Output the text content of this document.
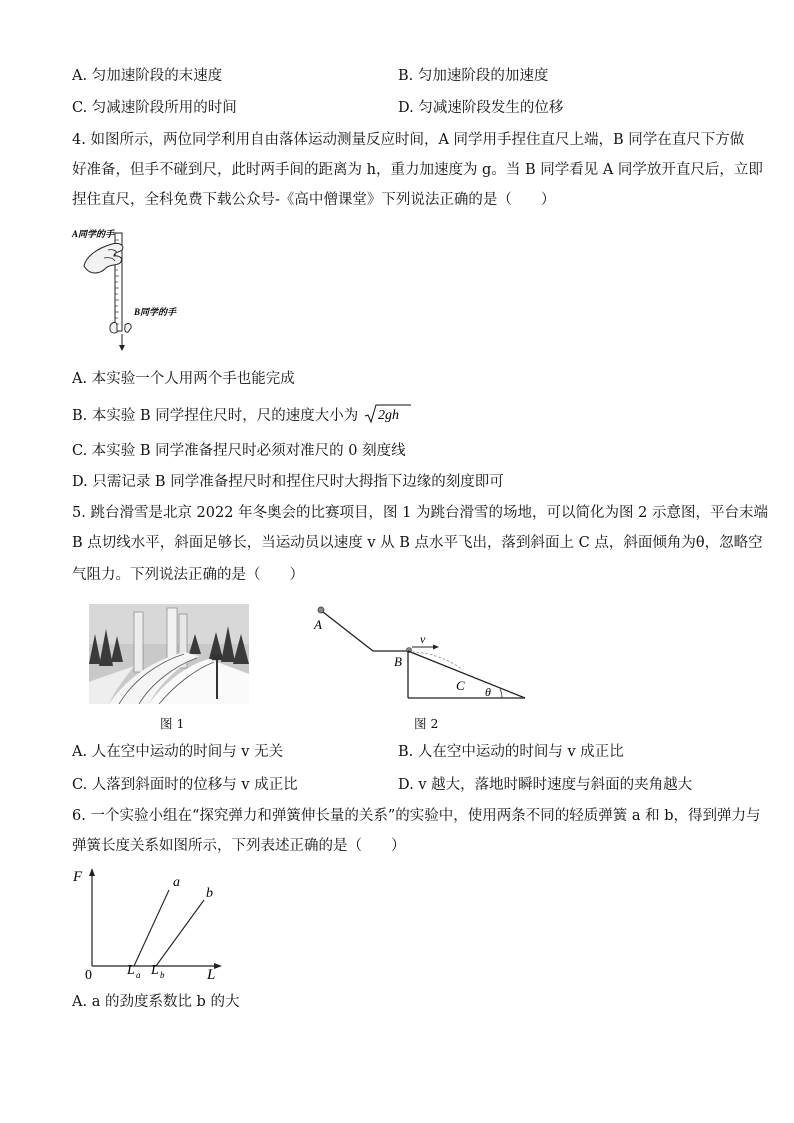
A. 匀加速阶段的末速度	B. 匀加速阶段的加速度
C. 匀减速阶段所用的时间	D. 匀减速阶段发生的位移
4. 如图所示，两位同学利用自由落体运动测量反应时间，A 同学用手捏住直尺上端，B 同学在直尺下方做
好准备，但手不碰到尺，此时两手间的距离为 h，重力加速度为 g。当 B 同学看见 A 同学放开直尺后，立即
捏住直尺，全科免费下载公众号-《高中僧课堂》下列说法正确的是（　　）
A同学的手
B同学的手
A. 本实验一个人用两个手也能完成
B. 本实验 B 同学捏住尺时，尺的速度大小为 2gh
C. 本实验 B 同学准备捏尺时必须对准尺的 0 刻度线
D. 只需记录 B 同学准备捏尺时和捏住尺时大拇指下边缘的刻度即可
5. 跳台滑雪是北京 2022 年冬奥会的比赛项目，图 1 为跳台滑雪的场地，可以简化为图 2 示意图，平台末端
B 点切线水平，斜面足够长，当运动员以速度 v 从 B 点水平飞出，落到斜面上 C 点，斜面倾角为θ，忽略空
气阻力。下列说法正确的是（　　）
图 1
A
B
v
C θ
图 2
A. 人在空中运动的时间与 v 无关	B. 人在空中运动的时间与 v 成正比
C. 人落到斜面时的位移与 v 成正比	D. v 越大，落地时瞬时速度与斜面的夹角越大
6. 一个实验小组在“探究弹力和弹簧伸长量的关系”的实验中，使用两条不同的轻质弹簧 a 和 b，得到弹力与
弹簧长度关系如图所示，下列表述正确的是（　　）
F
L
0
a
b
L a L b
A. a 的劲度系数比 b 的大
